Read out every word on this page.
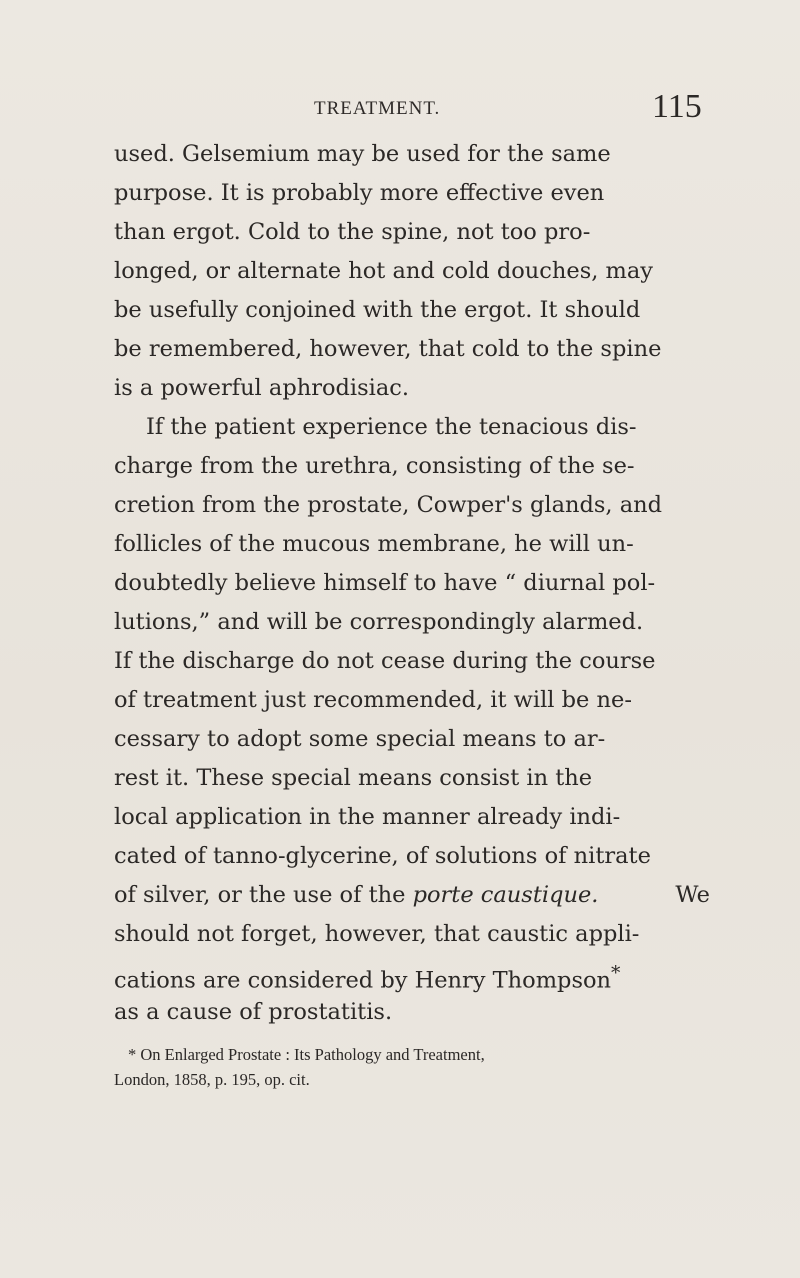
TREATMENT.	115
used. Gelsemium may be used for the same
purpose. It is probably more effective even
than ergot. Cold to the spine, not too pro-
longed, or alternate hot and cold douches, may
be usefully conjoined with the ergot. It should
be remembered, however, that cold to the spine
is a powerful aphrodisiac.
If the patient experience the tenacious dis-
charge from the urethra, consisting of the se-
cretion from the prostate, Cowper's glands, and
follicles of the mucous membrane, he will un-
doubtedly believe himself to have “ diurnal pol-
lutions,” and will be correspondingly alarmed.
If the discharge do not cease during the course
of treatment just recommended, it will be ne-
cessary to adopt some special means to ar-
rest it. These special means consist in the
local application in the manner already indi-
cated of tanno-glycerine, of solutions of nitrate
of silver, or the use of the porte caustique.	We
should not forget, however, that caustic appli-
cations are considered by Henry Thompson*
as a cause of prostatitis.
* On Enlarged Prostate : Its Pathology and Treatment,
London, 1858, p. 195, op. cit.
